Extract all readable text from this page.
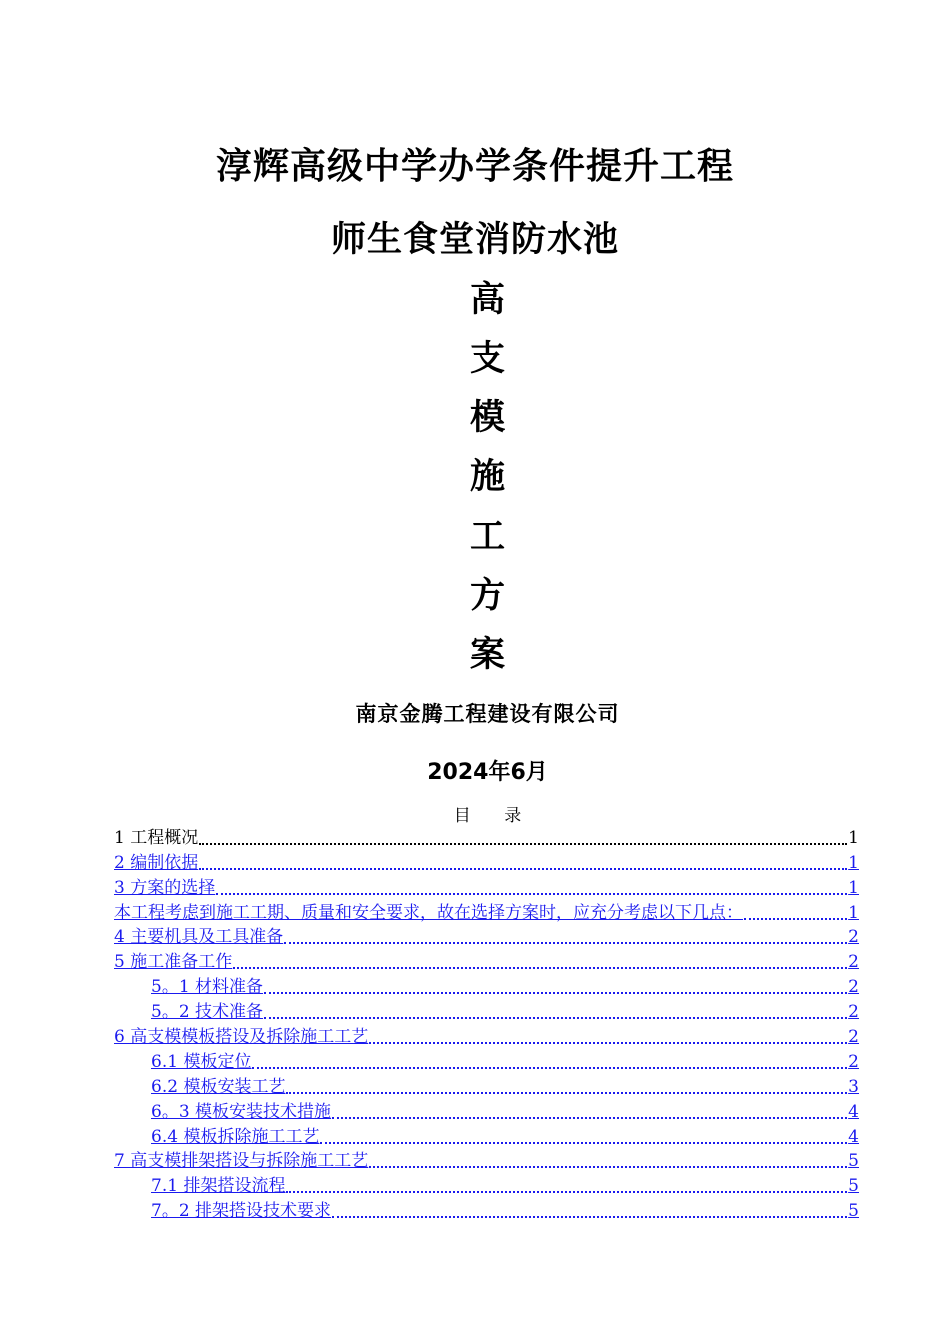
淳辉高级中学办学条件提升工程
师生食堂消防水池
高
支
模
施
工
方
案
南京金腾工程建设有限公司
2024年6月
目 录
1 工程概况	1
2 编制依据	1
3 方案的选择	1
本工程考虑到施工工期、质量和安全要求，故在选择方案时，应充分考虑以下几点：	1
4 主要机具及工具准备	2
5 施工准备工作	2
5。1 材料准备	2
5。2 技术准备	2
6 高支模模板搭设及拆除施工工艺	2
6.1 模板定位	2
6.2 模板安装工艺	3
6。3 模板安装技术措施	4
6.4 模板拆除施工工艺	4
7 高支模排架搭设与拆除施工工艺	5
7.1 排架搭设流程	5
7。2 排架搭设技术要求	5
